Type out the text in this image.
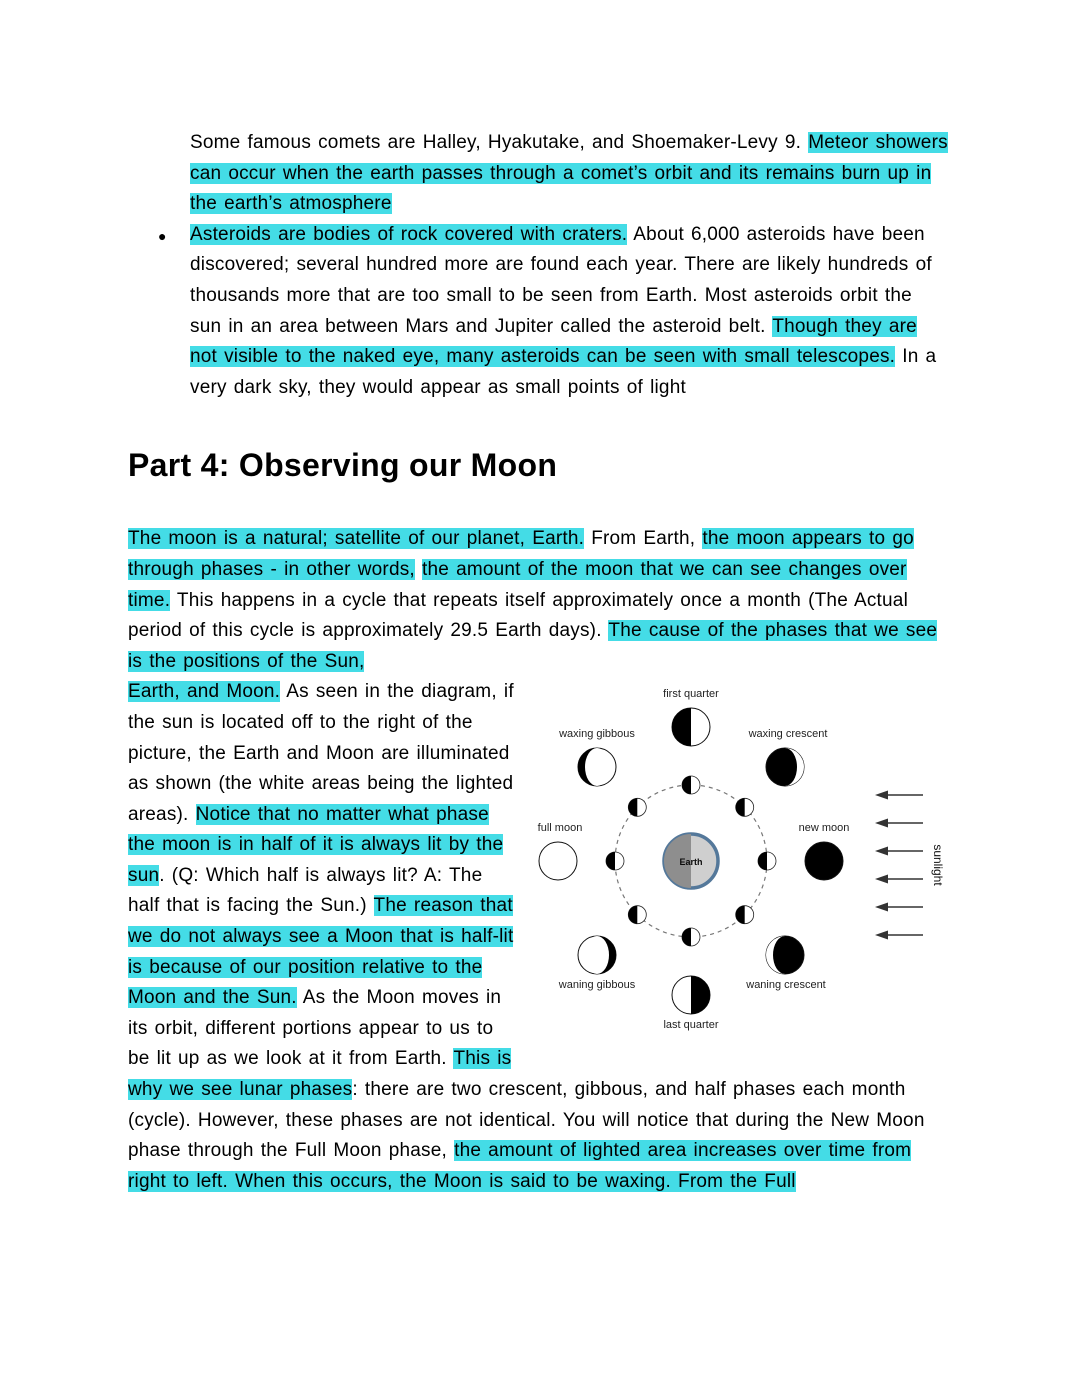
Some famous comets are Halley, Hyakutake, and Shoemaker-Levy 9. Meteor showers can occur when the earth passes through a comet’s orbit and its remains burn up in the earth’s atmosphere

● Asteroids are bodies of rock covered with craters. About 6,000 asteroids have been discovered; several hundred more are found each year. There are likely hundreds of thousands more that are too small to be seen from Earth. Most asteroids orbit the sun in an area between Mars and Jupiter called the asteroid belt. Though they are not visible to the naked eye, many asteroids can be seen with small telescopes. In a very dark sky, they would appear as small points of light

Part 4: Observing our Moon

The moon is a natural; satellite of our planet, Earth. From Earth, the moon appears to go through phases - in other words, the amount of the moon that we can see changes over time. This happens in a cycle that repeats itself approximately once a month (The Actual period of this cycle is approximately 29.5 Earth days). The cause of the phases that we see is the positions of the Sun,

sunlight
Earth
first quarter
waxing gibbous	waxing crescent
full moon	new moon
waning gibbous	waning crescent
last quarter

Earth, and Moon. As seen in the diagram, if the sun is located off to the right of the picture, the Earth and Moon are illuminated as shown (the white areas being the lighted areas). Notice that no matter what phase the moon is in half of it is always lit by the sun. (Q: Which half is always lit? A: The half that is facing the Sun.) The reason that we do not always see a Moon that is half-lit is because of our position relative to the Moon and the Sun. As the Moon moves in its orbit, different portions appear to us to be lit up as we look at it from Earth. This is why we see lunar phases: there are two crescent, gibbous, and half phases each month (cycle). However, these phases are not identical. You will notice that during the New Moon phase through the Full Moon phase, the amount of lighted area increases over time from right to left. When this occurs, the Moon is said to be waxing. From the Full
